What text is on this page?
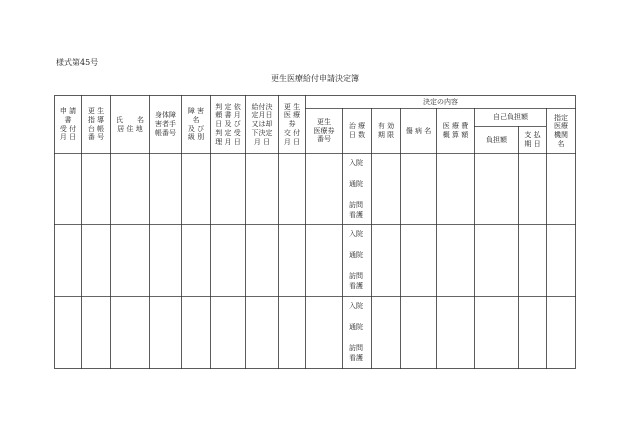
様式第45号
更生医療給付申請決定簿
申 請
書
受 付
月 日
更 生
指 導
台 帳
番 号
氏　　名
居 住 地
身体障
害者手
帳番号
障 害
名
及 び
級 別
判 定 依
頼 書 月
日 及 び
判 定 受
理 月 日
給付決
定月日
又は却
下決定
月 日
更 生
医 療
券
交 付
月 日
決定の内容
更生
医療券
番号
治 療
日 数
有 効
期 限
傷 病 名
医 療 費
概 算 額
自己負担額
負担額
支 払
期 日
指定
医療
機関
名
入院
通院
訪問
看護
入院
通院
訪問
看護
入院
通院
訪問
看護
